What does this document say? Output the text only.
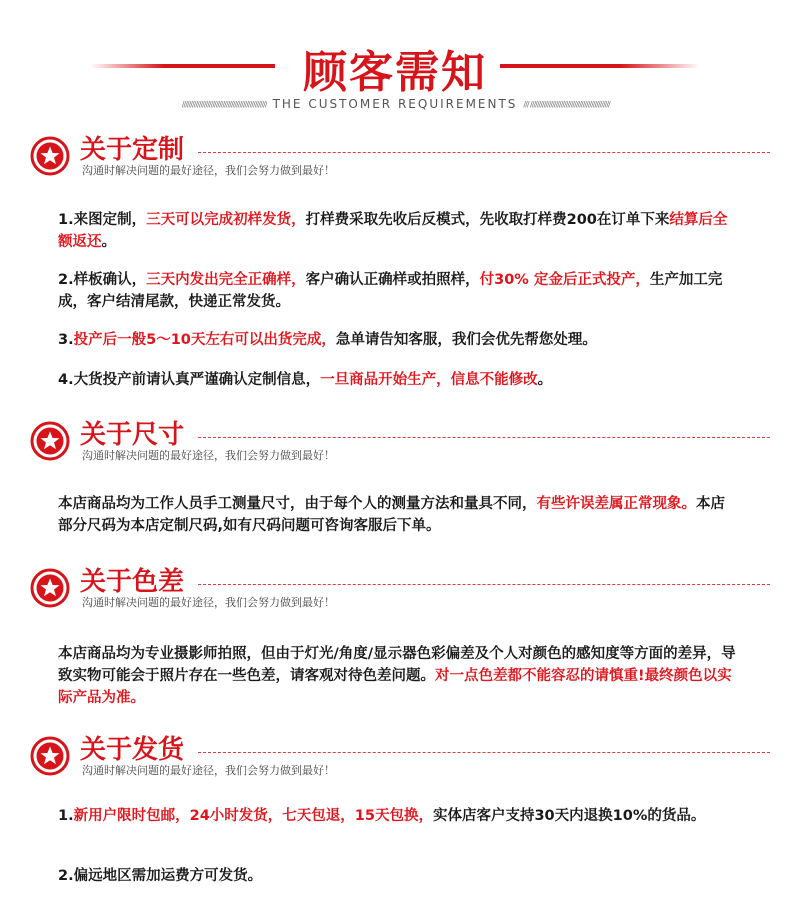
顾客需知
////////////////////////////////////////////////// THE CUSTOMER REQUIREMENTS /// ///////////////////////////////////////////////
关于定制
沟通时解决问题的最好途径，我们会努力做到最好！
1.来图定制，三天可以完成初样发货，打样费采取先收后反模式，先收取打样费200在订单下来结算后全额返还。
2.样板确认，三天内发出完全正确样，客户确认正确样或拍照样，付30% 定金后正式投产，生产加工完成，客户结清尾款，快递正常发货。
3.投产后一般5～10天左右可以出货完成，急单请告知客服，我们会优先帮您处理。
4.大货投产前请认真严谨确认定制信息，一旦商品开始生产，信息不能修改。
关于尺寸
沟通时解决问题的最好途径，我们会努力做到最好！
本店商品均为工作人员手工测量尺寸，由于每个人的测量方法和量具不同，有些许误差属正常现象。本店部分尺码为本店定制尺码,如有尺码问题可咨询客服后下单。
关于色差
沟通时解决问题的最好途径，我们会努力做到最好！
本店商品均为专业摄影师拍照，但由于灯光/角度/显示器色彩偏差及个人对颜色的感知度等方面的差异，导致实物可能会于照片存在一些色差，请客观对待色差问题。对一点色差都不能容忍的请慎重!最终颜色以实际产品为准。
关于发货
沟通时解决问题的最好途径，我们会努力做到最好！
1.新用户限时包邮，24小时发货，七天包退，15天包换，实体店客户支持30天内退换10%的货品。
2.偏远地区需加运费方可发货。
